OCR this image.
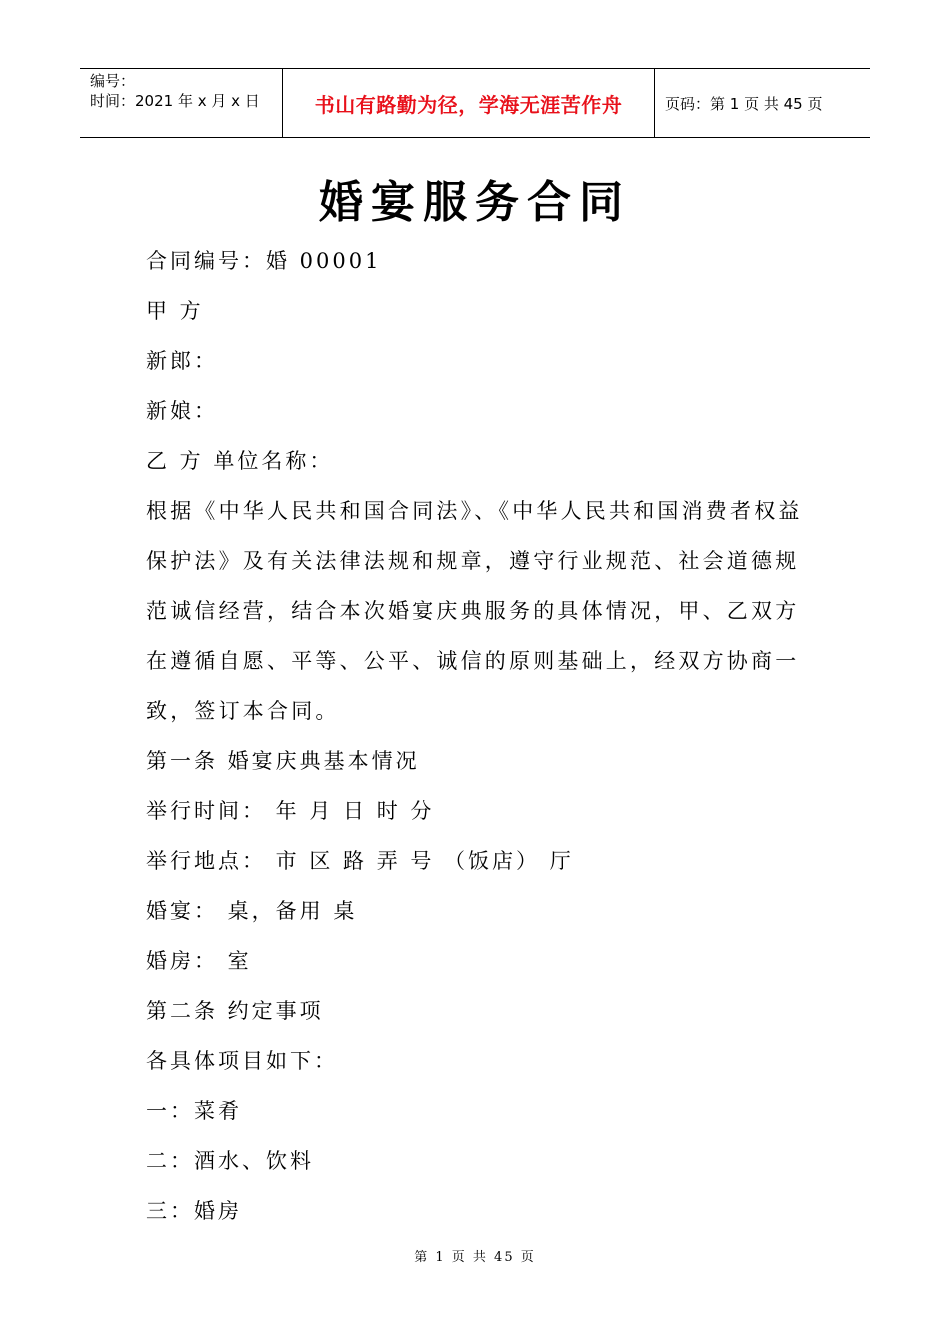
编号：
时间：2021 年 x 月 x 日	书山有路勤为径，学海无涯苦作舟	页码：第 1 页 共 45 页
婚宴服务合同
合同编号：婚 00001
甲 方
新郎：
新娘：
乙 方 单位名称：
根据《中华人民共和国合同法》、《中华人民共和国消费者权益保护法》及有关法律法规和规章，遵守行业规范、社会道德规范诚信经营，结合本次婚宴庆典服务的具体情况，甲、乙双方在遵循自愿、平等、公平、诚信的原则基础上，经双方协商一致，签订本合同。
第一条 婚宴庆典基本情况
举行时间： 年 月 日 时 分
举行地点： 市 区 路 弄 号 （饭店） 厅
婚宴： 桌，备用 桌
婚房： 室
第二条 约定事项
各具体项目如下：
一：菜肴
二：酒水、饮料
三：婚房
第 1 页 共 45 页
